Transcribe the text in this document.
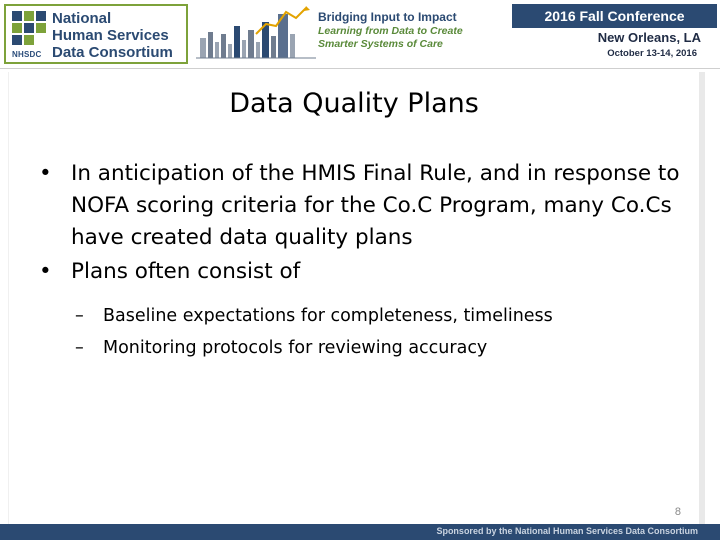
NHSDC
National
Human Services
Data Consortium
Bridging Input to Impact
Learning from Data to Create
Smarter Systems of Care
2016 Fall Conference
New Orleans, LA
October 13-14, 2016
Data Quality Plans
• In anticipation of the HMIS Final Rule, and in response to NOFA scoring criteria for the Co.C Program, many Co.Cs have created data quality plans
• Plans often consist of
– Baseline expectations for completeness, timeliness
– Monitoring protocols for reviewing accuracy
8
Sponsored by the National Human Services Data Consortium
